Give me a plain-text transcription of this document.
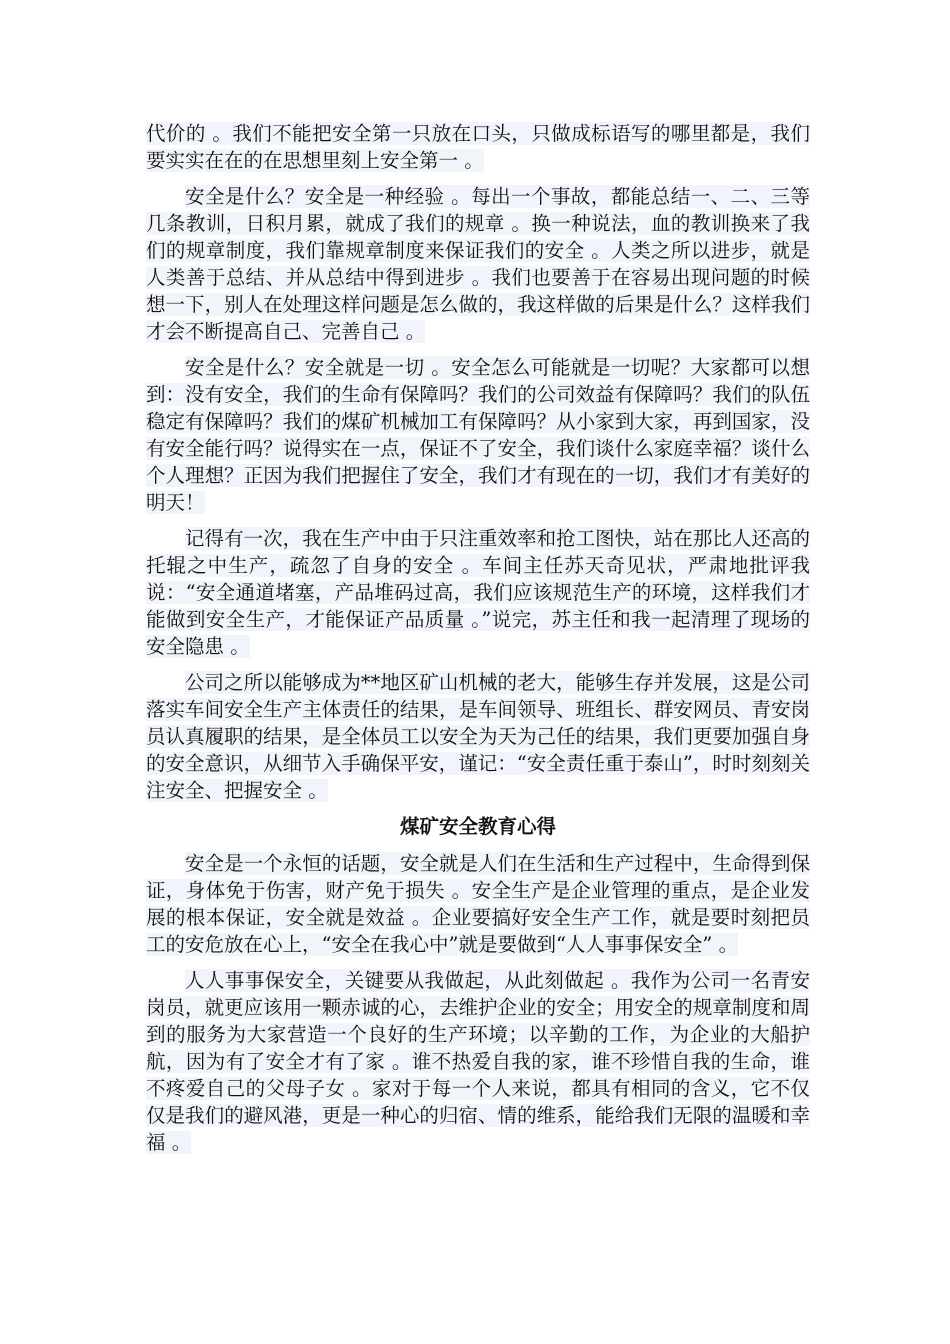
代价的 。我们不能把安全第一只放在口头，只做成标语写的哪里都是，我们要实实在在的在思想里刻上安全第一 。

安全是什么？安全是一种经验 。每出一个事故，都能总结一、二、三等几条教训，日积月累，就成了我们的规章 。换一种说法，血的教训换来了我们的规章制度，我们靠规章制度来保证我们的安全 。人类之所以进步，就是人类善于总结、并从总结中得到进步 。我们也要善于在容易出现问题的时候想一下，别人在处理这样问题是怎么做的，我这样做的后果是什么？这样我们才会不断提高自己、完善自己 。

安全是什么？安全就是一切 。安全怎么可能就是一切呢？大家都可以想到：没有安全，我们的生命有保障吗？我们的公司效益有保障吗？我们的队伍稳定有保障吗？我们的煤矿机械加工有保障吗？从小家到大家，再到国家，没有安全能行吗？说得实在一点，保证不了安全，我们谈什么家庭幸福？谈什么个人理想？正因为我们把握住了安全，我们才有现在的一切，我们才有美好的明天！

记得有一次，我在生产中由于只注重效率和抢工图快，站在那比人还高的托辊之中生产，疏忽了自身的安全 。车间主任苏天奇见状，严肃地批评我说：“安全通道堵塞，产品堆码过高，我们应该规范生产的环境，这样我们才能做到安全生产，才能保证产品质量 。”说完，苏主任和我一起清理了现场的安全隐患 。

公司之所以能够成为**地区矿山机械的老大，能够生存并发展，这是公司落实车间安全生产主体责任的结果，是车间领导、班组长、群安网员、青安岗员认真履职的结果，是全体员工以安全为天为己任的结果，我们更要加强自身的安全意识，从细节入手确保平安，谨记：“安全责任重于泰山”，时时刻刻关注安全、把握安全 。

煤矿安全教育心得

安全是一个永恒的话题，安全就是人们在生活和生产过程中，生命得到保证，身体免于伤害，财产免于损失 。安全生产是企业管理的重点，是企业发展的根本保证，安全就是效益 。企业要搞好安全生产工作，就是要时刻把员工的安危放在心上，“安全在我心中”就是要做到“人人事事保安全” 。

人人事事保安全，关键要从我做起，从此刻做起 。我作为公司一名青安岗员，就更应该用一颗赤诚的心，去维护企业的安全；用安全的规章制度和周到的服务为大家营造一个良好的生产环境；以辛勤的工作，为企业的大船护航，因为有了安全才有了家 。谁不热爱自我的家，谁不珍惜自我的生命，谁不疼爱自己的父母子女 。家对于每一个人来说，都具有相同的含义，它不仅仅是我们的避风港，更是一种心的归宿、情的维系，能给我们无限的温暖和幸福 。
